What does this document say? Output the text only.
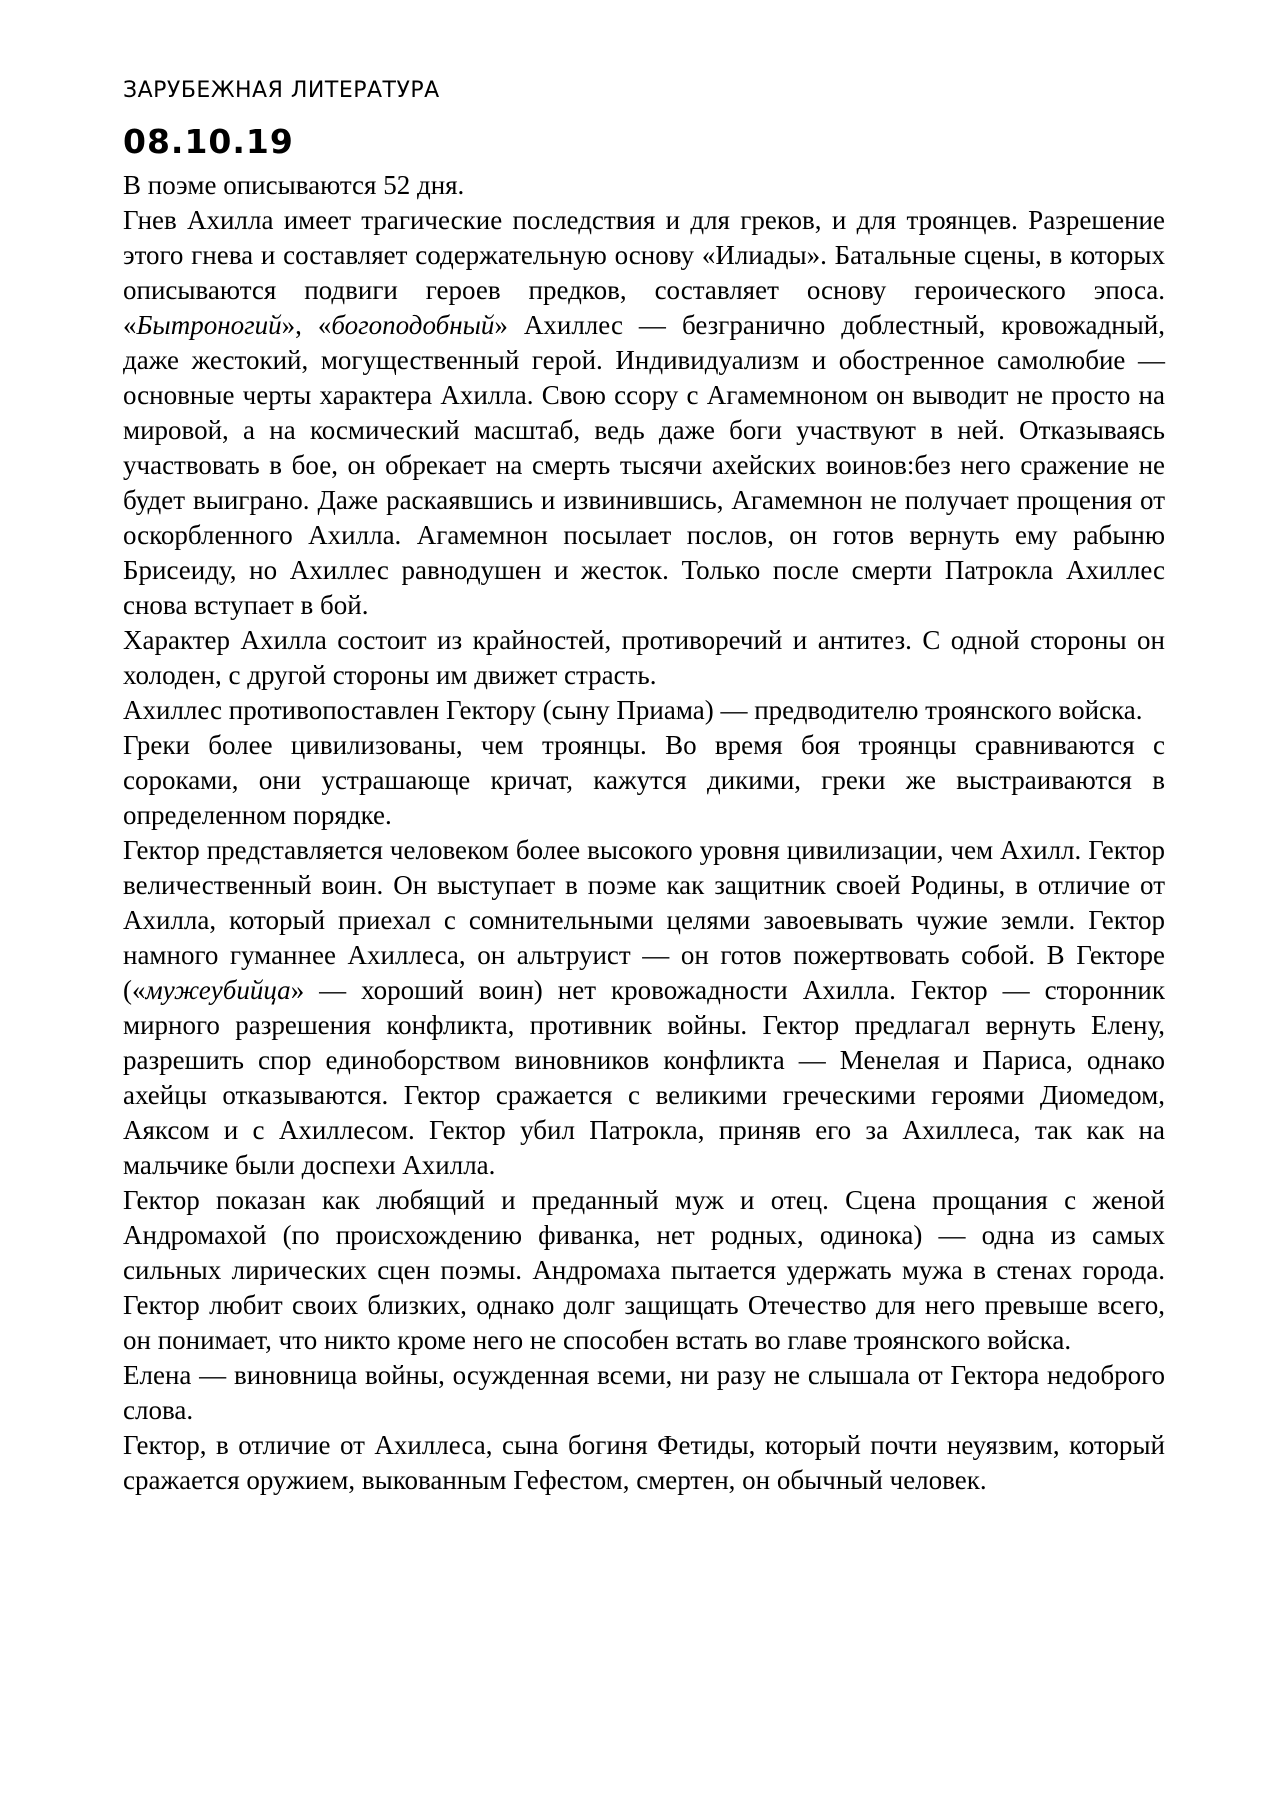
ЗАРУБЕЖНАЯ ЛИТЕРАТУРА
08.10.19

В поэме описываются 52 дня.

Гнев Ахилла имеет трагические последствия и для греков, и для троянцев. Разрешение этого гнева и составляет содержательную основу «Илиады». Батальные сцены, в которых описываются подвиги героев предков, составляет основу героического эпоса. «Бытроногий», «богоподобный» Ахиллес — безгранично доблестный, кровожадный, даже жестокий, могущественный герой. Индивидуализм и обостренное самолюбие — основные черты характера Ахилла. Свою ссору с Агамемноном он выводит не просто на мировой, а на космический масштаб, ведь даже боги участвуют в ней. Отказываясь участвовать в бое, он обрекает на смерть тысячи ахейских воинов:без него сражение не будет выиграно. Даже раскаявшись и извинившись, Агамемнон не получает прощения от оскорбленного Ахилла. Агамемнон посылает послов, он готов вернуть ему рабыню Брисеиду, но Ахиллес равнодушен и жесток. Только после смерти Патрокла Ахиллес снова вступает в бой.

Характер Ахилла состоит из крайностей, противоречий и антитез. С одной стороны он холоден, с другой стороны им движет страсть.

Ахиллес противопоставлен Гектору (сыну Приама) — предводителю троянского войска.

Греки более цивилизованы, чем троянцы. Во время боя троянцы сравниваются с сороками, они устрашающе кричат, кажутся дикими, греки же выстраиваются в определенном порядке.

Гектор представляется человеком более высокого уровня цивилизации, чем Ахилл. Гектор величественный воин. Он выступает в поэме как защитник своей Родины, в отличие от Ахилла, который приехал с сомнительными целями завоевывать чужие земли. Гектор намного гуманнее Ахиллеса, он альтруист — он готов пожертвовать собой. В Гекторе («мужеубийца» — хороший воин) нет кровожадности Ахилла. Гектор — сторонник мирного разрешения конфликта, противник войны. Гектор предлагал вернуть Елену, разрешить спор единоборством виновников конфликта — Менелая и Париса, однако ахейцы отказываются. Гектор сражается с великими греческими героями Диомедом, Аяксом и с Ахиллесом. Гектор убил Патрокла, приняв его за Ахиллеса, так как на мальчике были доспехи Ахилла.

Гектор показан как любящий и преданный муж и отец. Сцена прощания с женой Андромахой (по происхождению фиванка, нет родных, одинока) — одна из самых сильных лирических сцен поэмы. Андромаха пытается удержать мужа в стенах города. Гектор любит своих близких, однако долг защищать Отечество для него превыше всего, он понимает, что никто кроме него не способен встать во главе троянского войска.

Елена — виновница войны, осужденная всеми, ни разу не слышала от Гектора недоброго слова.

Гектор, в отличие от Ахиллеса, сына богиня Фетиды, который почти неуязвим, который сражается оружием, выкованным Гефестом, смертен, он обычный человек.
